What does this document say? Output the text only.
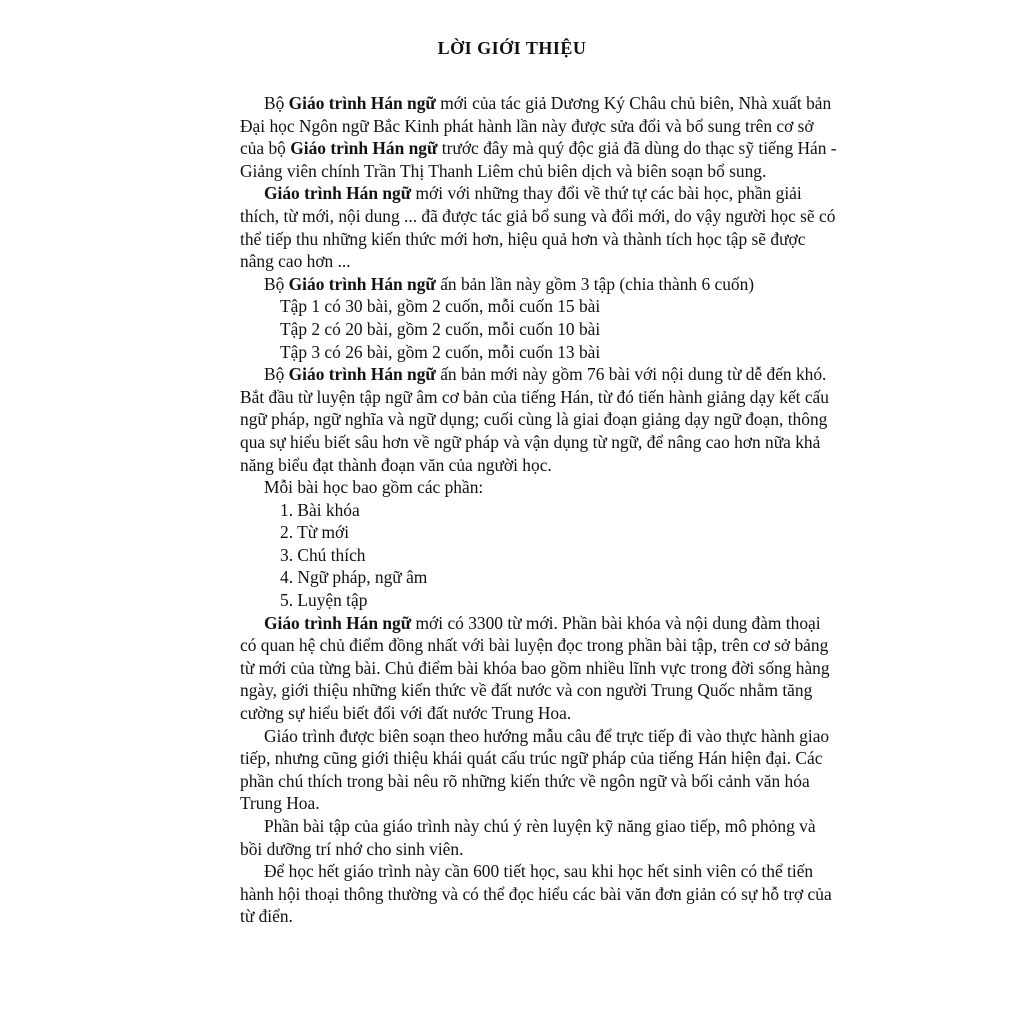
LỜI GIỚI THIỆU

Bộ Giáo trình Hán ngữ mới của tác giả Dương Ký Châu chủ biên, Nhà xuất bản Đại học Ngôn ngữ Bắc Kinh phát hành lần này được sửa đổi và bổ sung trên cơ sở của bộ Giáo trình Hán ngữ trước đây mà quý độc giả đã dùng do thạc sỹ tiếng Hán - Giảng viên chính Trần Thị Thanh Liêm chủ biên dịch và biên soạn bổ sung.

Giáo trình Hán ngữ mới với những thay đổi về thứ tự các bài học, phần giải thích, từ mới, nội dung ... đã được tác giả bổ sung và đổi mới, do vậy người học sẽ có thể tiếp thu những kiến thức mới hơn, hiệu quả hơn và thành tích học tập sẽ được nâng cao hơn ...

Bộ Giáo trình Hán ngữ ấn bản lần này gồm 3 tập (chia thành 6 cuốn)

Tập 1 có 30 bài, gồm 2 cuốn, mỗi cuốn 15 bài
Tập 2 có 20 bài, gồm 2 cuốn, mỗi cuốn 10 bài
Tập 3 có 26 bài, gồm 2 cuốn, mỗi cuốn 13 bài

Bộ Giáo trình Hán ngữ ấn bản mới này gồm 76 bài với nội dung từ dễ đến khó. Bắt đầu từ luyện tập ngữ âm cơ bản của tiếng Hán, từ đó tiến hành giảng dạy kết cấu ngữ pháp, ngữ nghĩa và ngữ dụng; cuối cùng là giai đoạn giảng dạy ngữ đoạn, thông qua sự hiểu biết sâu hơn về ngữ pháp và vận dụng từ ngữ, để nâng cao hơn nữa khả năng biểu đạt thành đoạn văn của người học.

Mỗi bài học bao gồm các phần:

1. Bài khóa
2. Từ mới
3. Chú thích
4. Ngữ pháp, ngữ âm
5. Luyện tập

Giáo trình Hán ngữ mới có 3300 từ mới. Phần bài khóa và nội dung đàm thoại có quan hệ chủ điểm đồng nhất với bài luyện đọc trong phần bài tập, trên cơ sở bảng từ mới của từng bài. Chủ điểm bài khóa bao gồm nhiều lĩnh vực trong đời sống hàng ngày, giới thiệu những kiến thức về đất nước và con người Trung Quốc nhằm tăng cường sự hiểu biết đối với đất nước Trung Hoa.

Giáo trình được biên soạn theo hướng mẫu câu để trực tiếp đi vào thực hành giao tiếp, nhưng cũng giới thiệu khái quát cấu trúc ngữ pháp của tiếng Hán hiện đại. Các phần chú thích trong bài nêu rõ những kiến thức về ngôn ngữ và bối cảnh văn hóa Trung Hoa.

Phần bài tập của giáo trình này chú ý rèn luyện kỹ năng giao tiếp, mô phỏng và bồi dưỡng trí nhớ cho sinh viên.

Để học hết giáo trình này cần 600 tiết học, sau khi học hết sinh viên có thể tiến hành hội thoại thông thường và có thể đọc hiểu các bài văn đơn giản có sự hỗ trợ của từ điển.
